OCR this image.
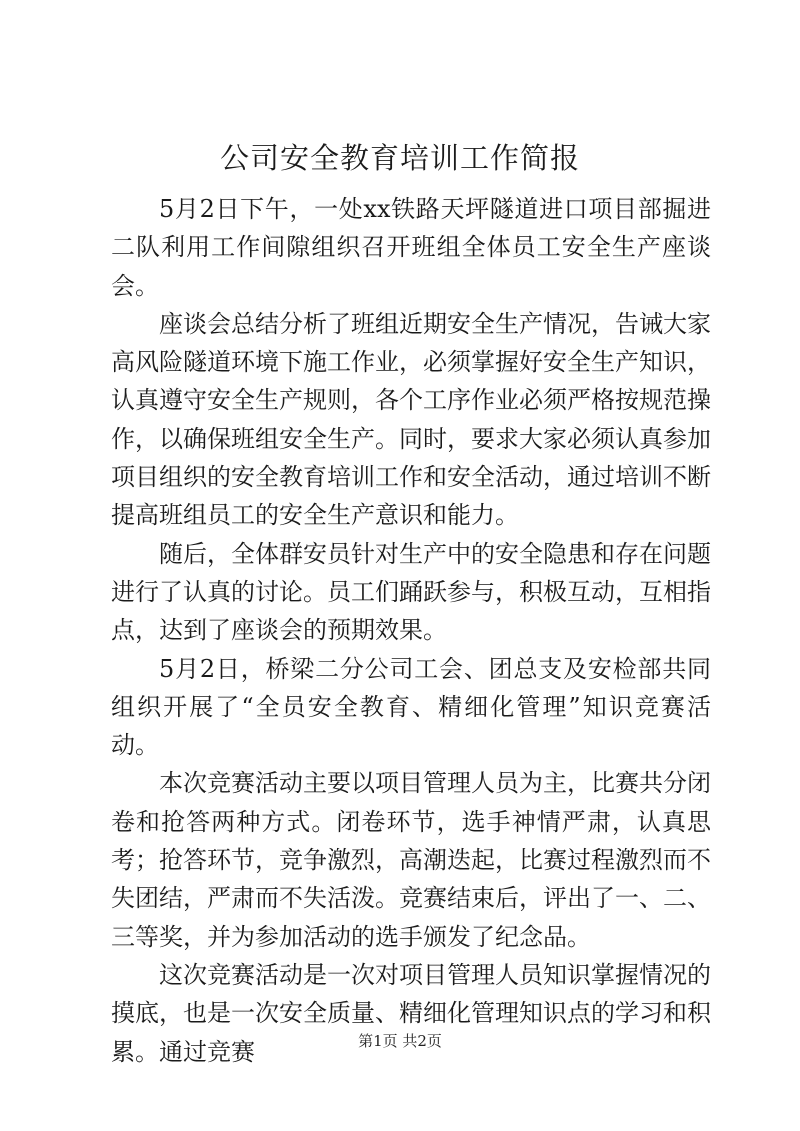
公司安全教育培训工作简报

5月2日下午，一处xx铁路天坪隧道进口项目部掘进二队利用工作间隙组织召开班组全体员工安全生产座谈会。

座谈会总结分析了班组近期安全生产情况，告诫大家高风险隧道环境下施工作业，必须掌握好安全生产知识，认真遵守安全生产规则，各个工序作业必须严格按规范操作，以确保班组安全生产。同时，要求大家必须认真参加项目组织的安全教育培训工作和安全活动，通过培训不断提高班组员工的安全生产意识和能力。

随后，全体群安员针对生产中的安全隐患和存在问题进行了认真的讨论。员工们踊跃参与，积极互动，互相指点，达到了座谈会的预期效果。

5月2日，桥梁二分公司工会、团总支及安检部共同组织开展了“全员安全教育、精细化管理”知识竞赛活动。

本次竞赛活动主要以项目管理人员为主，比赛共分闭卷和抢答两种方式。闭卷环节，选手神情严肃，认真思考；抢答环节，竞争激烈，高潮迭起，比赛过程激烈而不失团结，严肃而不失活泼。竞赛结束后，评出了一、二、三等奖，并为参加活动的选手颁发了纪念品。

这次竞赛活动是一次对项目管理人员知识掌握情况的摸底，也是一次安全质量、精细化管理知识点的学习和积累。通过竞赛	第1页 共2页
